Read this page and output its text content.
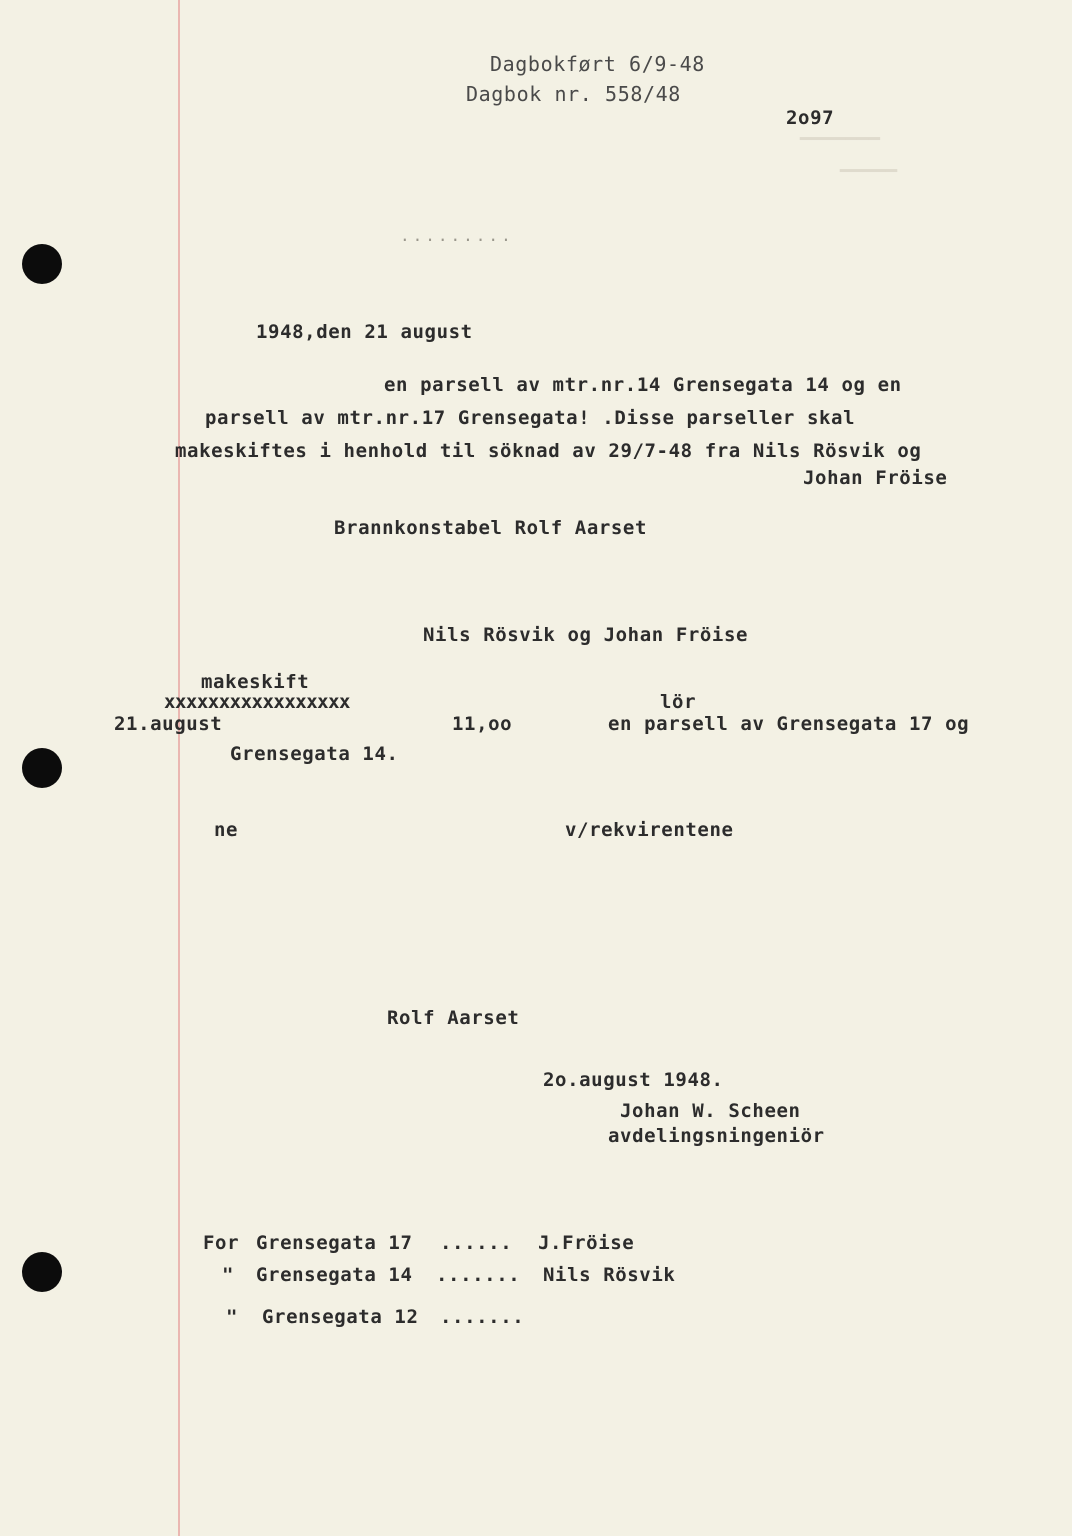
▔▔▔▔▔▔▔
▔▔▔▔▔
Dagbokført 6/9-48
Dagbok nr. 558/48
2o97
.........
1948,den 21 august
en parsell av mtr.nr.14 Grensegata 14 og en
parsell av mtr.nr.17 Grensegata! .Disse parseller skal
makeskiftes i henhold til söknad av 29/7-48 fra Nils Rösvik og
Johan Fröise
Brannkonstabel Rolf Aarset
Nils Rösvik og Johan Fröise
makeskift
xxxxxxxxxxxxxxxxx	lör
21.august	11,oo	en parsell av Grensegata 17 og
Grensegata 14.
ne	v/rekvirentene
Rolf Aarset
2o.august 1948.
Johan W. Scheen
avdelingsningeniör
For Grensegata 17 ...... J.Fröise
" Grensegata 14 ....... Nils Rösvik
" Grensegata 12 .......
